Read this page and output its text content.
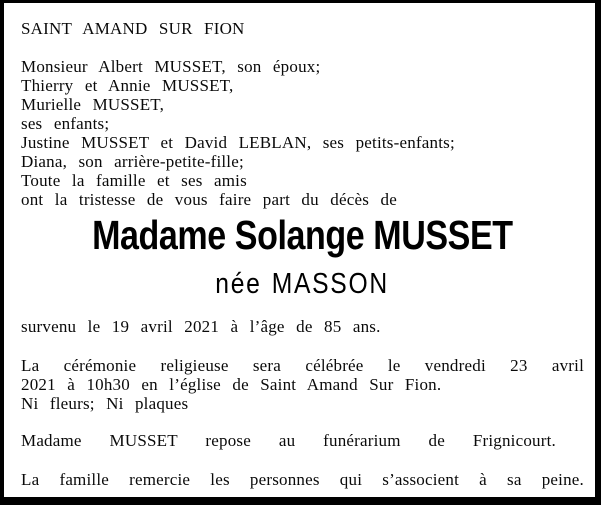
SAINT AMAND SUR FION
Monsieur Albert MUSSET, son époux;
Thierry et Annie MUSSET,
Murielle MUSSET,
ses enfants;
Justine MUSSET et David LEBLAN, ses petits-enfants;
Diana, son arrière-petite-fille;
Toute la famille et ses amis
ont la tristesse de vous faire part du décès de
Madame Solange MUSSET
née MASSON
survenu le 19 avril 2021 à l’âge de 85 ans.
La cérémonie religieuse sera célébrée le vendredi 23 avril
2021 à 10h30 en l’église de Saint Amand Sur Fion.
Ni fleurs; Ni plaques
Madame MUSSET repose au funérarium de Frignicourt.
La famille remercie les personnes qui s’associent à sa peine.
